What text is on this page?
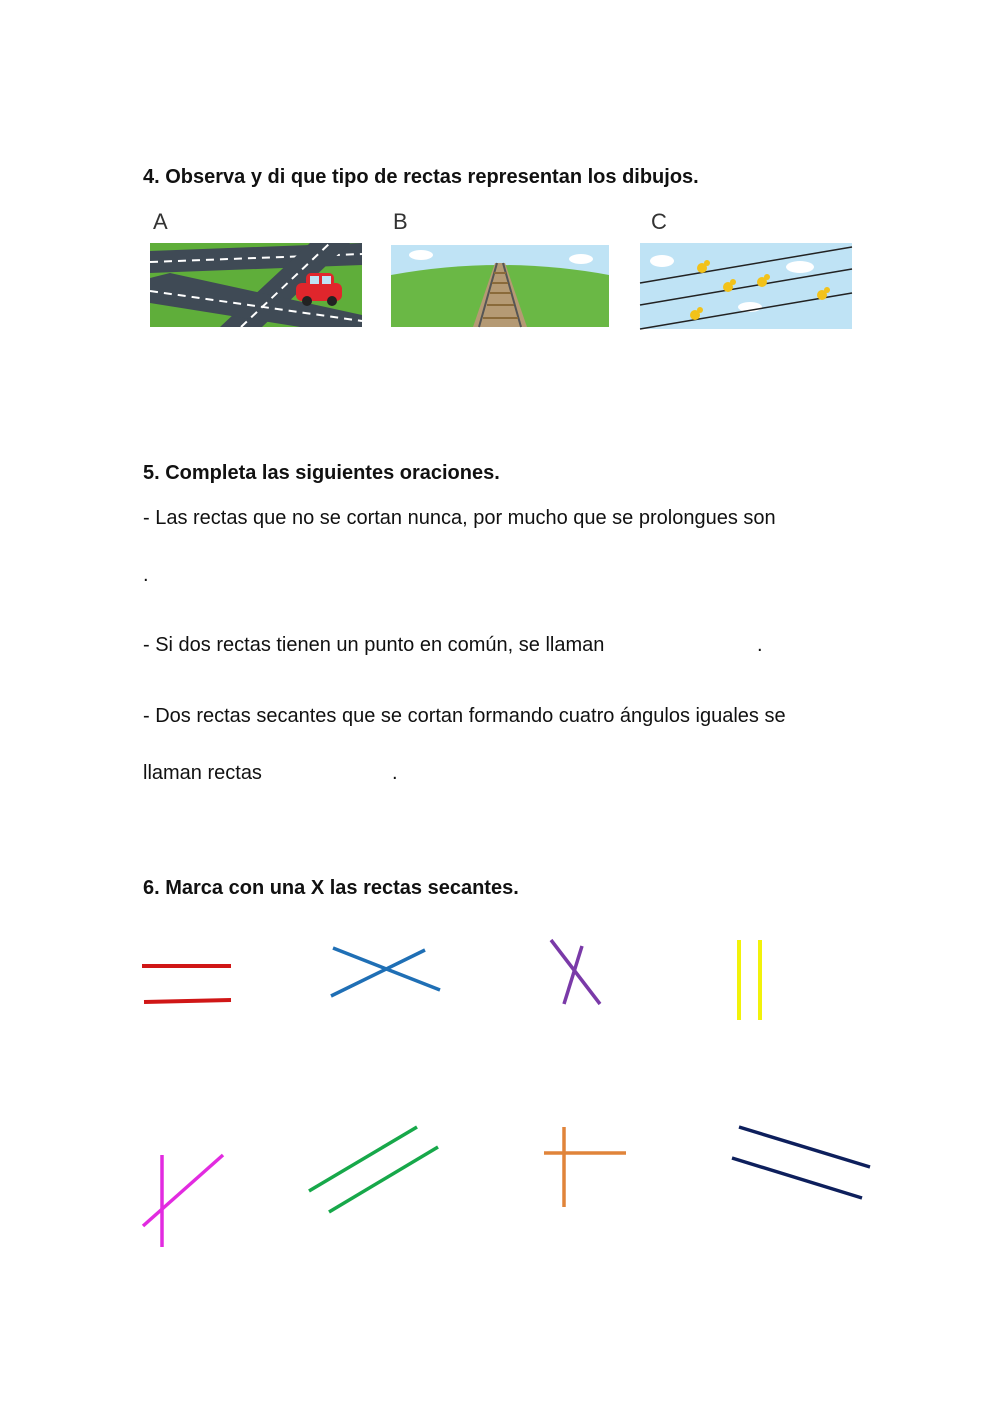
4. Observa y di que tipo de rectas representan los dibujos.
A	B	C
5. Completa las siguientes oraciones.
- Las rectas que no se cortan nunca, por mucho que se prolongues son
.
- Si dos rectas tienen un punto en común, se llaman	.
- Dos rectas secantes que se cortan formando cuatro ángulos iguales se
llaman rectas	.
6. Marca con una X las rectas secantes.
